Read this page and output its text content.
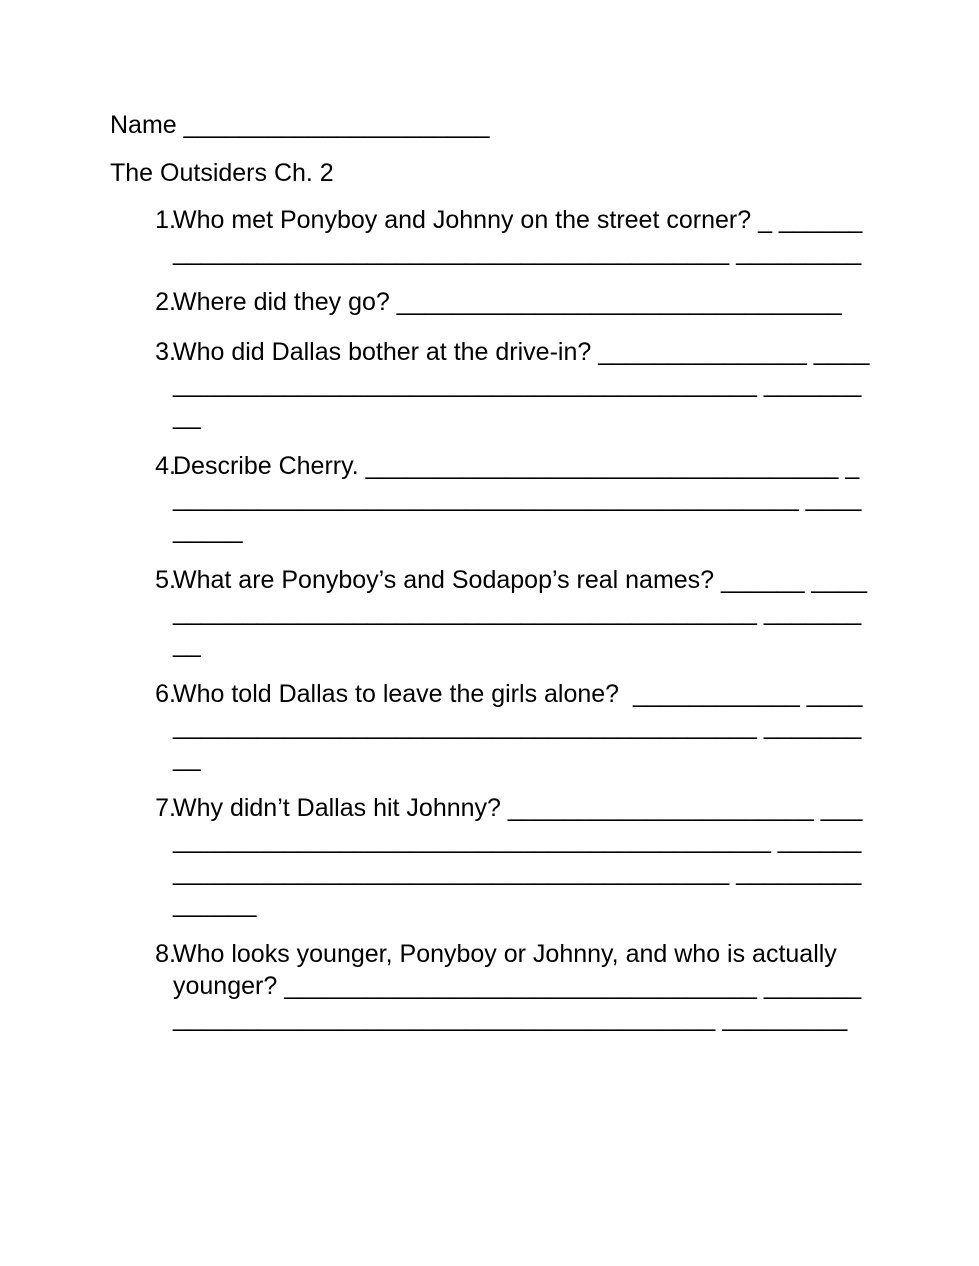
Name ______________________
The Outsiders Ch. 2
1.
Who met Ponyboy and Johnny on the street corner? _ ______________________________________________ _________
2.
Where did they go? ________________________________
3.
Who did Dallas bother at the drive-in? _______________ ______________________________________________ _________
4.
Describe Cherry. __________________________________ ______________________________________________ _________
5.
What are Ponyboy’s and Sodapop’s real names? ______ ______________________________________________ _________
6.
Who told Dallas to leave the girls alone?  ____________ ______________________________________________ _________
7.
Why didn’t Dallas hit Johnny? ______________________ ______________________________________________ ______________________________________________ _______________
8.
Who looks younger, Ponyboy or Johnny, and who is actually younger? __________________________________ ______________________________________________ _________
